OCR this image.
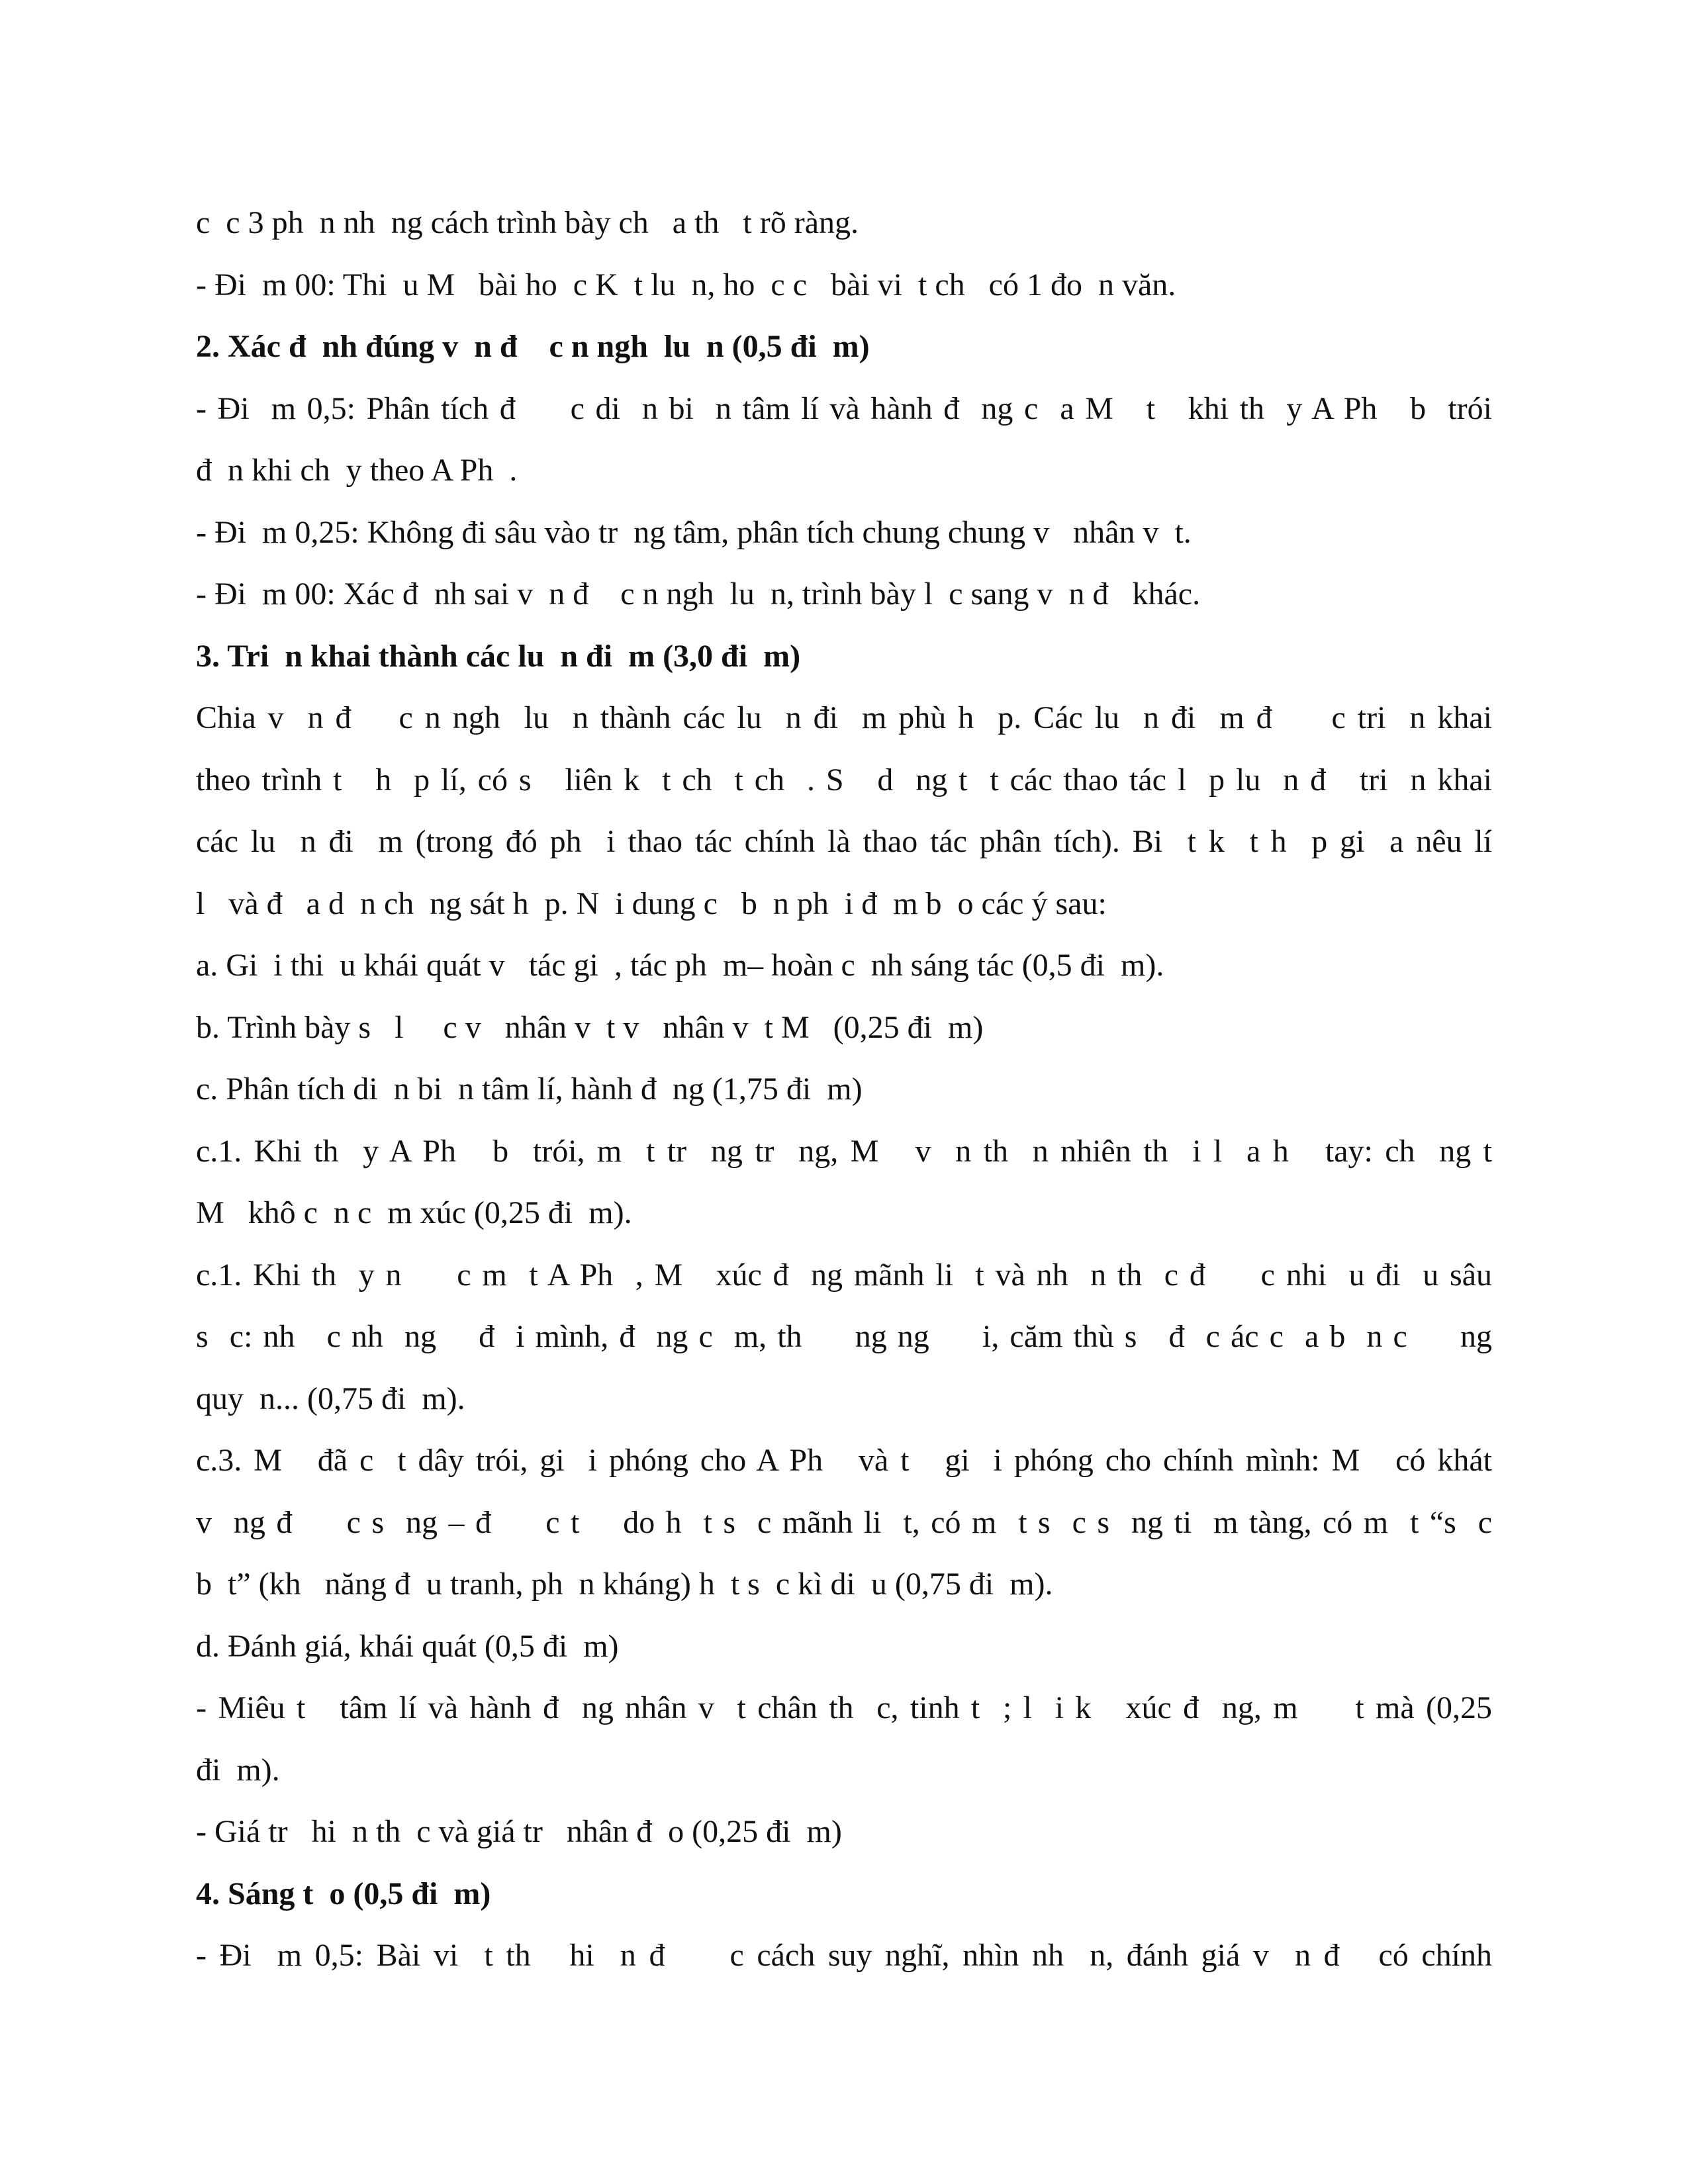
c  c 3 ph  n nh  ng cách trình bày ch   a th   t rõ ràng.
- Đi  m 00: Thi  u M   bài ho  c K  t lu  n, ho  c c   bài vi  t ch   có 1 đo  n văn.
2. Xác đ  nh đúng v  n đ    c n ngh  lu  n (0,5 đi  m)
- Đi  m 0,5: Phân tích đ     c di  n bi  n tâm lí và hành đ  ng c  a M   t   khi th  y A Ph   b  trói
đ  n khi ch  y theo A Ph  .
- Đi  m 0,25: Không đi sâu vào tr  ng tâm, phân tích chung chung v   nhân v  t.
- Đi  m 00: Xác đ  nh sai v  n đ    c n ngh  lu  n, trình bày l  c sang v  n đ   khác.
3. Tri  n khai thành các lu  n đi  m (3,0 đi  m)
Chia v  n đ    c n ngh  lu  n thành các lu  n đi  m phù h  p. Các lu  n đi  m đ     c tri  n khai
theo trình t   h  p lí, có s   liên k  t ch  t ch  . S   d  ng t  t các thao tác l  p lu  n đ   tri  n khai
các lu  n đi  m (trong đó ph  i thao tác chính là thao tác phân tích). Bi  t k  t h  p gi  a nêu lí
l   và đ   a d  n ch  ng sát h  p. N  i dung c   b  n ph  i đ  m b  o các ý sau:
a. Gi  i thi  u khái quát v   tác gi  , tác ph  m– hoàn c  nh sáng tác (0,5 đi  m).
b. Trình bày s   l     c v   nhân v  t v   nhân v  t M   (0,25 đi  m)
c. Phân tích di  n bi  n tâm lí, hành đ  ng (1,75 đi  m)
c.1. Khi th  y A Ph   b  trói, m  t tr  ng tr  ng, M   v  n th  n nhiên th  i l  a h   tay: ch  ng t
M   khô c  n c  m xúc (0,25 đi  m).
c.1. Khi th  y n     c m  t A Ph  , M   xúc đ  ng mãnh li  t và nh  n th  c đ     c nhi  u đi  u sâu
s  c: nh   c nh  ng    đ  i mình, đ  ng c  m, th     ng ng     i, căm thù s   đ  c ác c  a b  n c     ng
quy  n... (0,75 đi  m).
c.3. M   đã c  t dây trói, gi  i phóng cho A Ph   và t   gi  i phóng cho chính mình: M   có khát
v  ng đ     c s  ng – đ     c t    do h  t s  c mãnh li  t, có m  t s  c s  ng ti  m tàng, có m  t “s  c
b  t” (kh   năng đ  u tranh, ph  n kháng) h  t s  c kì di  u (0,75 đi  m).
d. Đánh giá, khái quát (0,5 đi  m)
- Miêu t   tâm lí và hành đ  ng nhân v  t chân th  c, tinh t  ; l  i k   xúc đ  ng, m     t mà (0,25
đi  m).
- Giá tr   hi  n th  c và giá tr   nhân đ  o (0,25 đi  m)
4. Sáng t  o (0,5 đi  m)
- Đi  m 0,5: Bài vi  t th   hi  n đ     c cách suy nghĩ, nhìn nh  n, đánh giá v  n đ   có chính
